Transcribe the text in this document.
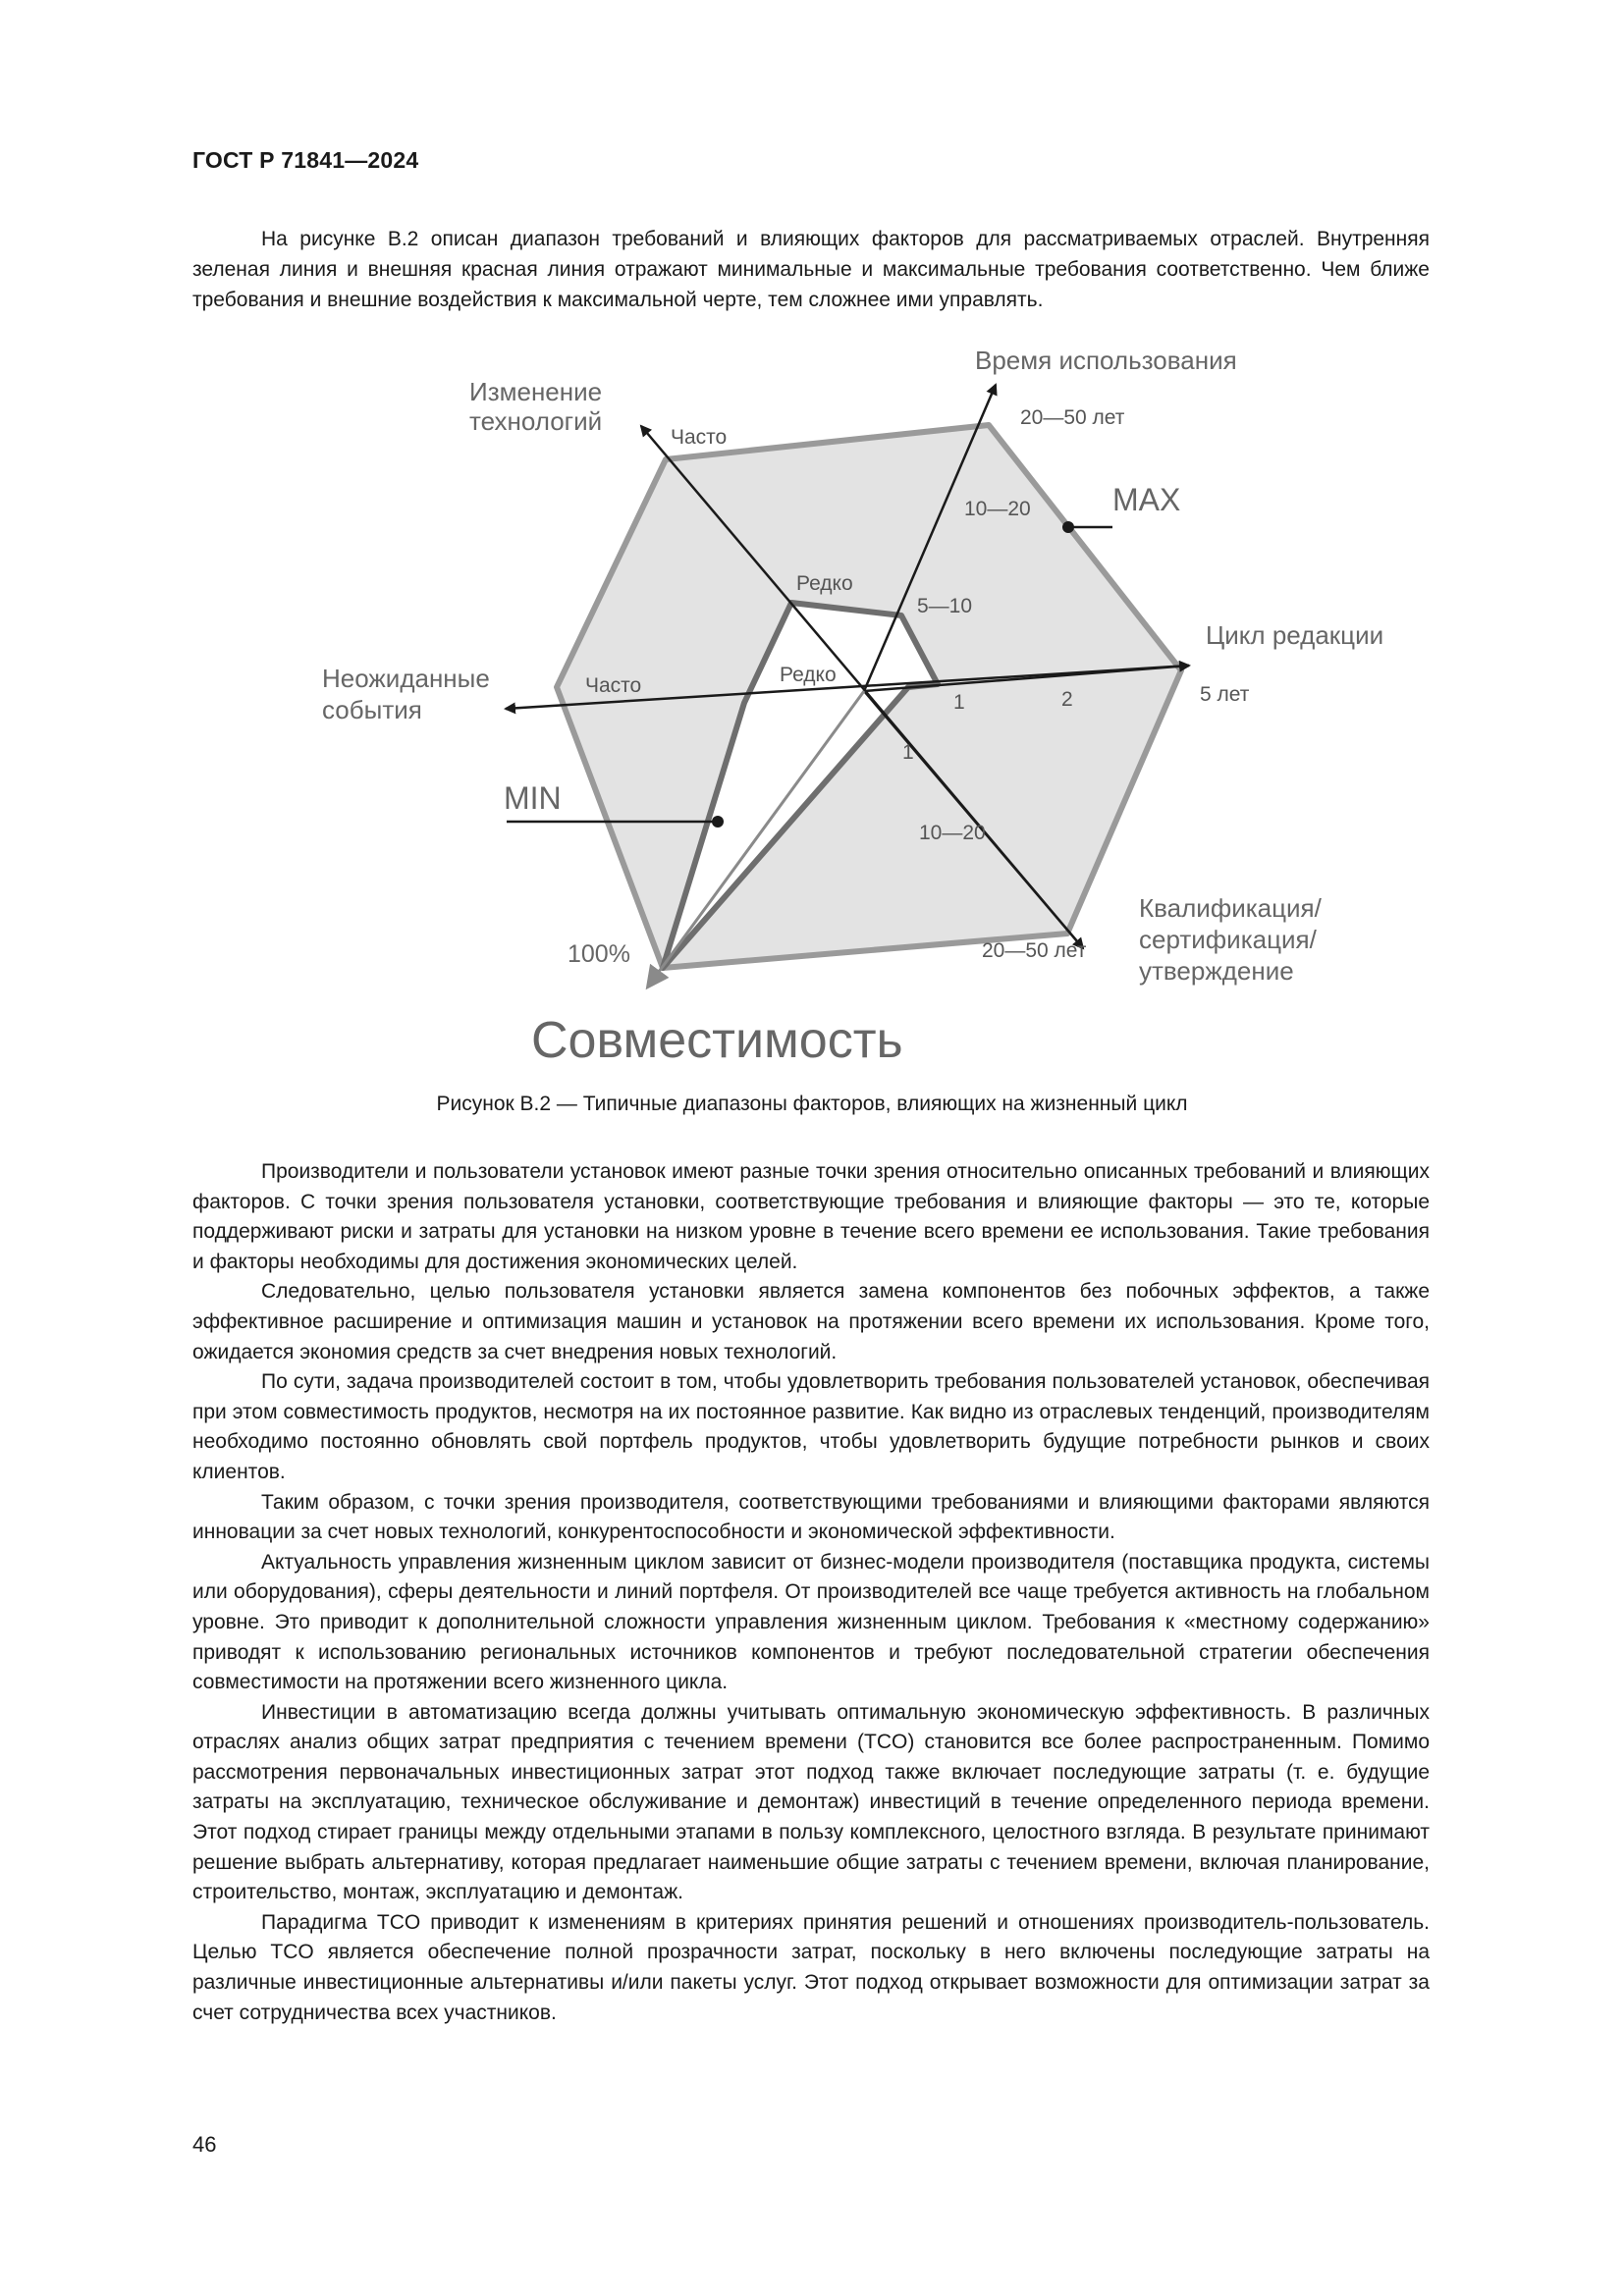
ГОСТ Р 71841—2024

На рисунке В.2 описан диапазон требований и влияющих факторов для рассматриваемых отраслей. Внутренняя зеленая линия и внешняя красная линия отражают минимальные и максимальные требования соответственно. Чем ближе требования и внешние воздействия к максимальной черте, тем сложнее ими управлять.

Время использования
Изменение
технологий
Цикл редакции
Неожиданные
события
Квалификация/
сертификация/
утверждение
Совместимость
20—50 лет
10—20
5—10
Часто
Редко
Часто	Редко
1	2	5 лет
1
10—20
20—50 лет
100%
MAX
MIN
Рисунок В.2 — Типичные диапазоны факторов, влияющих на жизненный цикл

Производители и пользователи установок имеют разные точки зрения относительно описанных требований и влияющих факторов. С точки зрения пользователя установки, соответствующие требования и влияющие факторы — это те, которые поддерживают риски и затраты для установки на низком уровне в течение всего времени ее использования. Такие требования и факторы необходимы для достижения экономических целей.

Следовательно, целью пользователя установки является замена компонентов без побочных эффектов, а также эффективное расширение и оптимизация машин и установок на протяжении всего времени их использования. Кроме того, ожидается экономия средств за счет внедрения новых технологий.

По сути, задача производителей состоит в том, чтобы удовлетворить требования пользователей установок, обеспечивая при этом совместимость продуктов, несмотря на их постоянное развитие. Как видно из отраслевых тенденций, производителям необходимо постоянно обновлять свой портфель продуктов, чтобы удовлетворить будущие потребности рынков и своих клиентов.

Таким образом, с точки зрения производителя, соответствующими требованиями и влияющими факторами являются инновации за счет новых технологий, конкурентоспособности и экономической эффективности.

Актуальность управления жизненным циклом зависит от бизнес-модели производителя (поставщика продукта, системы или оборудования), сферы деятельности и линий портфеля. От производителей все чаще требуется активность на глобальном уровне. Это приводит к дополнительной сложности управления жизненным циклом. Требования к «местному содержанию» приводят к использованию региональных источников компонентов и требуют последовательной стратегии обеспечения совместимости на протяжении всего жизненного цикла.

Инвестиции в автоматизацию всегда должны учитывать оптимальную экономическую эффективность. В различных отраслях анализ общих затрат предприятия с течением времени (TCO) становится все более распространенным. Помимо рассмотрения первоначальных инвестиционных затрат этот подход также включает последующие затраты (т. е. будущие затраты на эксплуатацию, техническое обслуживание и демонтаж) инвестиций в течение определенного периода времени. Этот подход стирает границы между отдельными этапами в пользу комплексного, целостного взгляда. В результате принимают решение выбрать альтернативу, которая предлагает наименьшие общие затраты с течением времени, включая планирование, строительство, монтаж, эксплуатацию и демонтаж.

Парадигма TCO приводит к изменениям в критериях принятия решений и отношениях производитель-пользователь. Целью TCO является обеспечение полной прозрачности затрат, поскольку в него включены последующие затраты на различные инвестиционные альтернативы и/или пакеты услуг. Этот подход открывает возможности для оптимизации затрат за счет сотрудничества всех участников.

46
